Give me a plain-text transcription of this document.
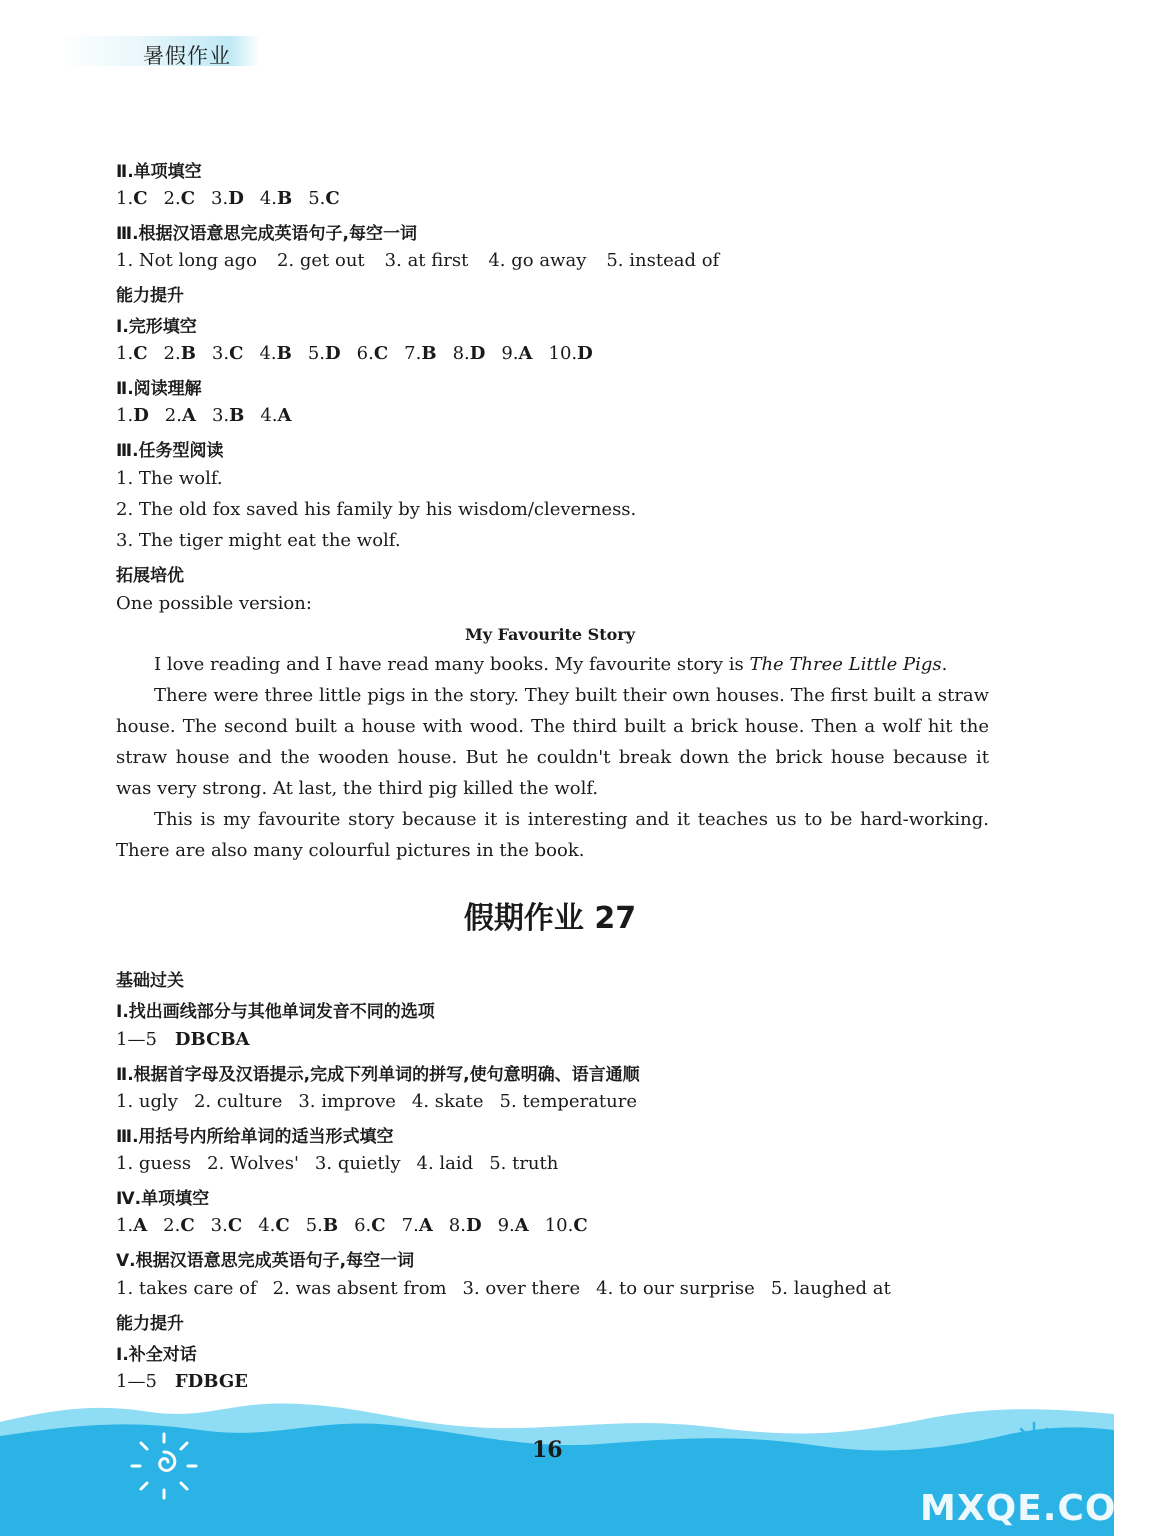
暑假作业
Ⅱ.单项填空
1.C 2.C 3.D 4.B 5.C
Ⅲ.根据汉语意思完成英语句子,每空一词
1. Not long ago 2. get out 3. at first 4. go away 5. instead of
能力提升
Ⅰ.完形填空
1.C 2.B 3.C 4.B 5.D 6.C 7.B 8.D 9.A 10.D
Ⅱ.阅读理解
1.D 2.A 3.B 4.A
Ⅲ.任务型阅读
1. The wolf.
2. The old fox saved his family by his wisdom/cleverness.
3. The tiger might eat the wolf.
拓展培优
One possible version:
My Favourite Story
I love reading and I have read many books. My favourite story is The Three Little Pigs.
There were three little pigs in the story. They built their own houses. The first built a straw house. The second built a house with wood. The third built a brick house. Then a wolf hit the straw house and the wooden house. But he couldn't break down the brick house because it was very strong. At last, the third pig killed the wolf.
This is my favourite story because it is interesting and it teaches us to be hard-working. There are also many colourful pictures in the book.
假期作业 27
基础过关
Ⅰ.找出画线部分与其他单词发音不同的选项
1—5 DBCBA
Ⅱ.根据首字母及汉语提示,完成下列单词的拼写,使句意明确、语言通顺
1. ugly 2. culture 3. improve 4. skate 5. temperature
Ⅲ.用括号内所给单词的适当形式填空
1. guess 2. Wolves' 3. quietly 4. laid 5. truth
Ⅳ.单项填空
1.A 2.C 3.C 4.C 5.B 6.C 7.A 8.D 9.A 10.C
Ⅴ.根据汉语意思完成英语句子,每空一词
1. takes care of 2. was absent from 3. over there 4. to our surprise 5. laughed at
能力提升
Ⅰ.补全对话
1—5 FDBGE
16
MXQE.COM
